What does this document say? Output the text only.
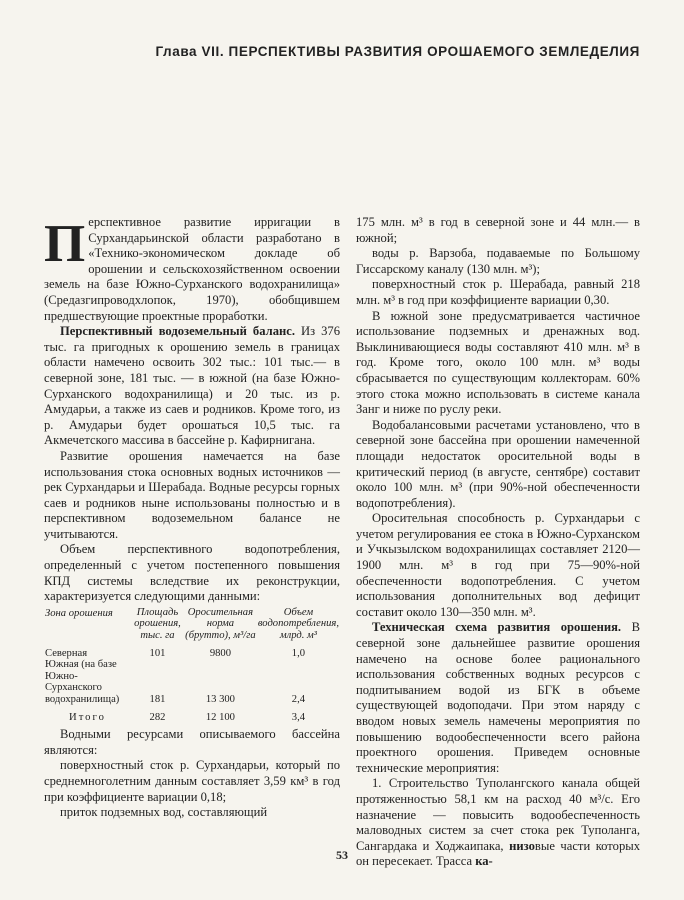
Глава VII. ПЕРСПЕКТИВЫ РАЗВИТИЯ ОРОШАЕМОГО ЗЕМЛЕДЕЛИЯ

Перспективное развитие ирригации в Сурхандарьинской области разработано в «Технико-экономическом докладе об орошении и сельскохозяйственном освоении земель на базе Южно-Сурханского водохранилища» (Средазгипроводхлопок, 1970), обобщившем предшествующие проектные проработки.

Перспективный водоземельный баланс. Из 376 тыс. га пригодных к орошению земель в границах области намечено освоить 302 тыс.: 101 тыс.— в северной зоне, 181 тыс. — в южной (на базе Южно-Сурханского водохранилища) и 20 тыс. из р. Амударьи, а также из саев и родников. Кроме того, из р. Амударьи будет орошаться 10,5 тыс. га Акмечетского массива в бассейне р. Кафирнигана.

Развитие орошения намечается на базе использования стока основных водных источников — рек Сурхандарьи и Шерабада. Водные ресурсы горных саев и родников ныне использованы полностью и в перспективном водоземельном балансе не учитываются.

Объем перспективного водопотребления, определенный с учетом постепенного повышения КПД системы вследствие их реконструкции, характеризуется следующими данными:

Зона орошения	Площадь орошения, тыс. га	Оросительная норма (брутто), м³/га	Объем водопотребления, млрд. м³
Северная	101	9800	1,0
Южная (на базе Южно-Сурханского водохранилища)	181	13 300	2,4
Итого	282	12 100	3,4

Водными ресурсами описываемого бассейна являются:

поверхностный сток р. Сурхандарьи, который по среднемноголетним данным составляет 3,59 км³ в год при коэффициенте вариации 0,18;

приток подземных вод, составляющий

175 млн. м³ в год в северной зоне и 44 млн.— в южной;

воды р. Варзоба, подаваемые по Большому Гиссарскому каналу (130 млн. м³);

поверхностный сток р. Шерабада, равный 218 млн. м³ в год при коэффициенте вариации 0,30.

В южной зоне предусматривается частичное использование подземных и дренажных вод. Выклинивающиеся воды составляют 410 млн. м³ в год. Кроме того, около 100 млн. м³ воды сбрасывается по существующим коллекторам. 60% этого стока можно использовать в системе канала Занг и ниже по руслу реки.

Водобалансовыми расчетами установлено, что в северной зоне бассейна при орошении намеченной площади недостаток оросительной воды в критический период (в августе, сентябре) составит около 100 млн. м³ (при 90%-ной обеспеченности водопотребления).

Оросительная способность р. Сурхандарьи с учетом регулирования ее стока в Южно-Сурханском и Учкызылском водохранилищах составляет 2120—1900 млн. м³ в год при 75—90%-ной обеспеченности водопотребления. С учетом использования дополнительных вод дефицит составит около 130—350 млн. м³.

Техническая схема развития орошения. В северной зоне дальнейшее развитие орошения намечено на основе более рационального использования собственных водных ресурсов с подпитыванием водой из БГК в объеме существующей водоподачи. При этом наряду с вводом новых земель намечены мероприятия по повышению водообеспеченности всего района проектного орошения. Приведем основные технические мероприятия:

1. Строительство Туполангского канала общей протяженностью 58,1 км на расход 40 м³/с. Его назначение — повысить водообеспеченность маловодных систем за счет стока рек Туполанга, Сангардака и Ходжаипака, низовые части которых он пересекает. Трасса ка-

53
